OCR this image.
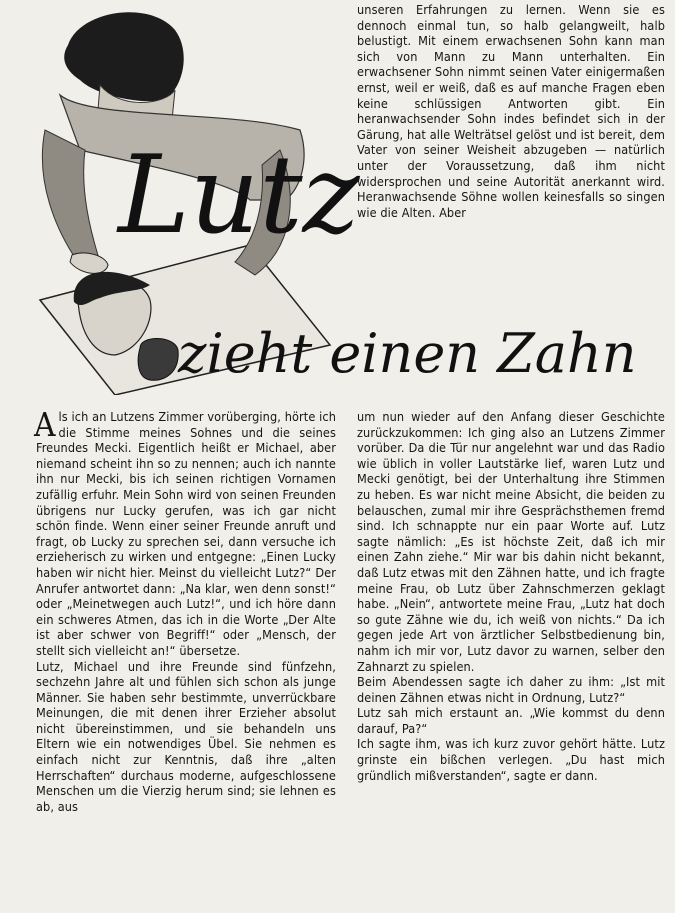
Lutz
zieht einen Zahn

unseren Erfahrungen zu lernen. Wenn sie es dennoch einmal tun, so halb gelangweilt, halb belustigt. Mit einem erwachsenen Sohn kann man sich von Mann zu Mann unterhalten. Ein erwachsener Sohn nimmt seinen Vater einigermaßen ernst, weil er weiß, daß es auf manche Fragen eben keine schlüssigen Antworten gibt. Ein heranwachsender Sohn indes befindet sich in der Gärung, hat alle Welträtsel gelöst und ist bereit, dem Vater von seiner Weisheit abzugeben — natürlich unter der Voraussetzung, daß ihm nicht widersprochen und seine Autorität anerkannt wird. Heranwachsende Söhne wollen keinesfalls so singen wie die Alten. Aber

Als ich an Lutzens Zimmer vorüberging, hörte ich die Stimme meines Sohnes und die seines Freundes Mecki. Eigentlich heißt er Michael, aber niemand scheint ihn so zu nennen; auch ich nannte ihn nur Mecki, bis ich seinen richtigen Vornamen zufällig erfuhr. Mein Sohn wird von seinen Freunden übrigens nur Lucky gerufen, was ich gar nicht schön finde. Wenn einer seiner Freunde anruft und fragt, ob Lucky zu sprechen sei, dann versuche ich erzieherisch zu wirken und entgegne: „Einen Lucky haben wir nicht hier. Meinst du vielleicht Lutz?“ Der Anrufer antwortet dann: „Na klar, wen denn sonst!“ oder „Meinetwegen auch Lutz!“, und ich höre dann ein schweres Atmen, das ich in die Worte „Der Alte ist aber schwer von Begriff!“ oder „Mensch, der stellt sich vielleicht an!“ übersetze.

Lutz, Michael und ihre Freunde sind fünfzehn, sechzehn Jahre alt und fühlen sich schon als junge Männer. Sie haben sehr bestimmte, unverrückbare Meinungen, die mit denen ihrer Erzieher absolut nicht übereinstimmen, und sie behandeln uns Eltern wie ein notwendiges Übel. Sie nehmen es einfach nicht zur Kenntnis, daß ihre „alten Herrschaften“ durchaus moderne, aufgeschlossene Menschen um die Vierzig herum sind; sie lehnen es ab, aus

um nun wieder auf den Anfang dieser Geschichte zurückzukommen: Ich ging also an Lutzens Zimmer vorüber. Da die Tür nur angelehnt war und das Radio wie üblich in voller Lautstärke lief, waren Lutz und Mecki genötigt, bei der Unterhaltung ihre Stimmen zu heben. Es war nicht meine Absicht, die beiden zu belauschen, zumal mir ihre Gesprächsthemen fremd sind. Ich schnappte nur ein paar Worte auf. Lutz sagte nämlich: „Es ist höchste Zeit, daß ich mir einen Zahn ziehe.“ Mir war bis dahin nicht bekannt, daß Lutz etwas mit den Zähnen hatte, und ich fragte meine Frau, ob Lutz über Zahnschmerzen geklagt habe. „Nein“, antwortete meine Frau, „Lutz hat doch so gute Zähne wie du, ich weiß von nichts.“ Da ich gegen jede Art von ärztlicher Selbstbedienung bin, nahm ich mir vor, Lutz davor zu warnen, selber den Zahnarzt zu spielen.

Beim Abendessen sagte ich daher zu ihm: „Ist mit deinen Zähnen etwas nicht in Ordnung, Lutz?“

Lutz sah mich erstaunt an. „Wie kommst du denn darauf, Pa?“

Ich sagte ihm, was ich kurz zuvor gehört hätte. Lutz grinste ein bißchen verlegen. „Du hast mich gründlich mißverstanden“, sagte er dann.
